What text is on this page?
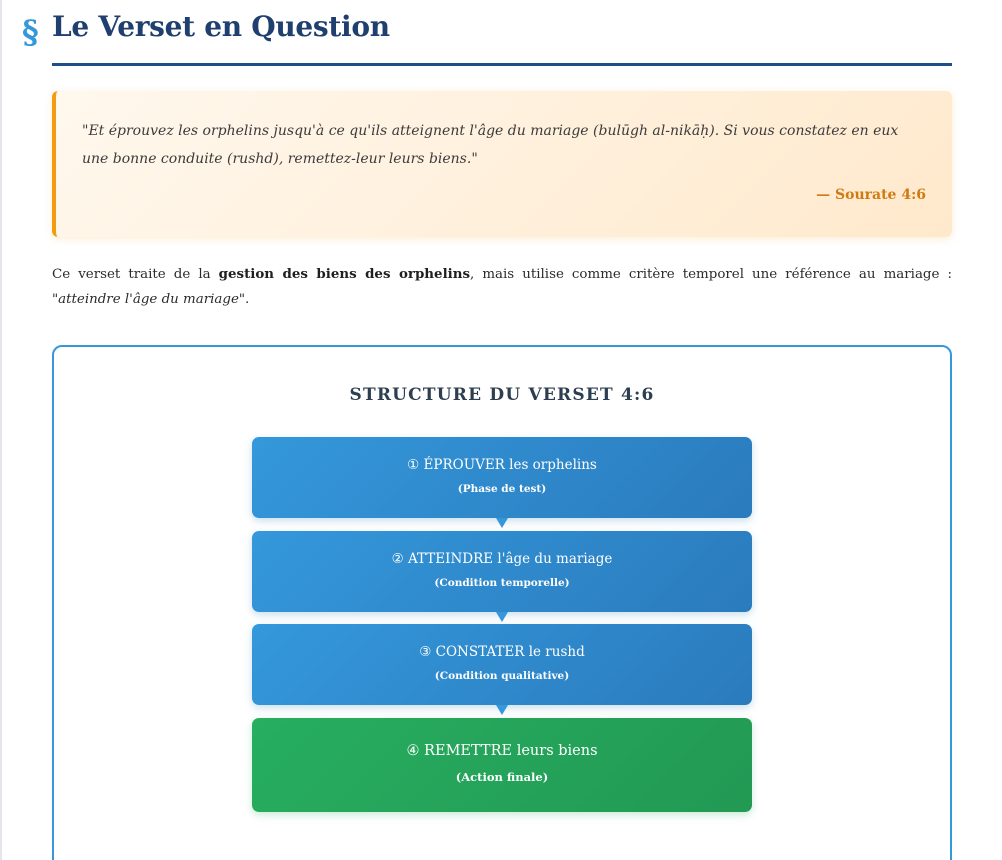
§ Le Verset en Question

"Et éprouvez les orphelins jusqu'à ce qu'ils atteignent l'âge du mariage (bulūgh al-nikāḥ). Si vous constatez en eux une bonne conduite (rushd), remettez-leur leurs biens."

— Sourate 4:6

Ce verset traite de la gestion des biens des orphelins, mais utilise comme critère temporel une référence au mariage : "atteindre l'âge du mariage".

STRUCTURE DU VERSET 4:6
① ÉPROUVER les orphelins
(Phase de test)
② ATTEINDRE l'âge du mariage
(Condition temporelle)
③ CONSTATER le rushd
(Condition qualitative)
④ REMETTRE leurs biens
(Action finale)
